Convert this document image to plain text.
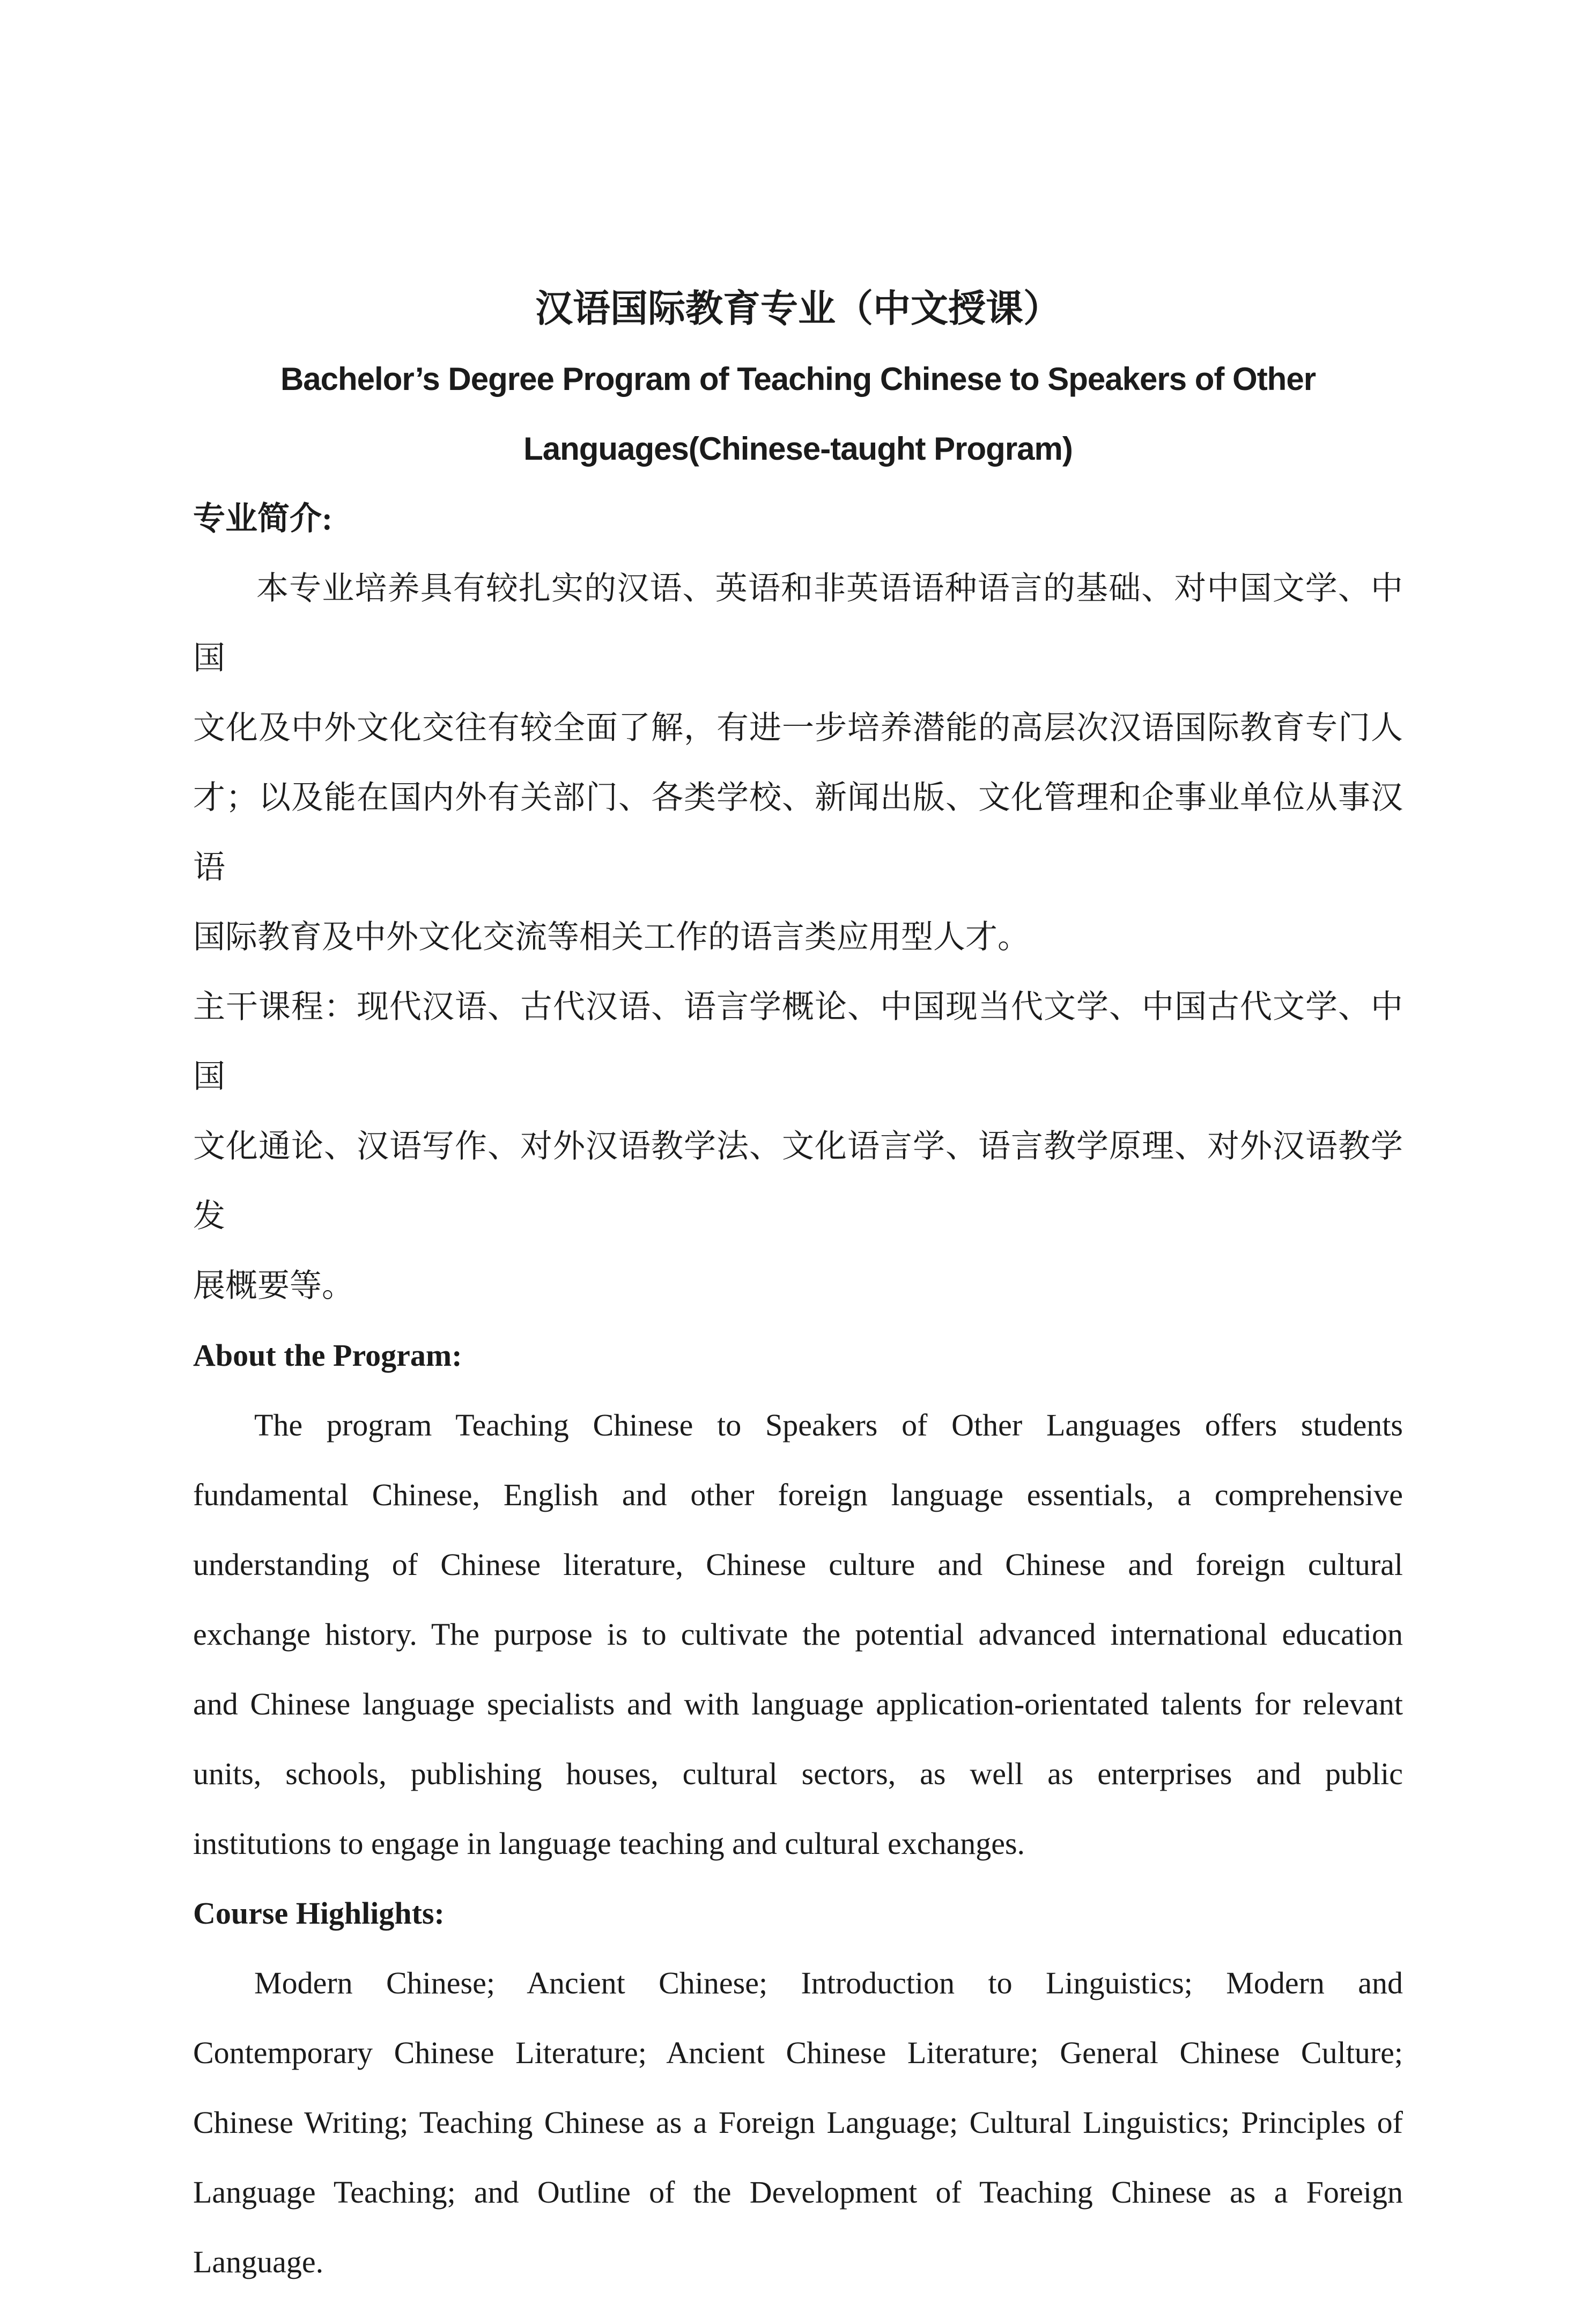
汉语国际教育专业（中文授课）
Bachelor’s Degree Program of Teaching Chinese to Speakers of Other
Languages(Chinese-taught Program)
专业简介:
本专业培养具有较扎实的汉语、英语和非英语语种语言的基础、对中国文学、中国
文化及中外文化交往有较全面了解，有进一步培养潜能的高层次汉语国际教育专门人
才；以及能在国内外有关部门、各类学校、新闻出版、文化管理和企事业单位从事汉语
国际教育及中外文化交流等相关工作的语言类应用型人才。
主干课程：现代汉语、古代汉语、语言学概论、中国现当代文学、中国古代文学、中国
文化通论、汉语写作、对外汉语教学法、文化语言学、语言教学原理、对外汉语教学发
展概要等。
About the Program:
The program Teaching Chinese to Speakers of Other Languages offers students
fundamental Chinese, English and other foreign language essentials, a comprehensive
understanding of Chinese literature, Chinese culture and Chinese and foreign cultural
exchange history. The purpose is to cultivate the potential advanced international education
and Chinese language specialists and with language application-orientated talents for relevant
units, schools, publishing houses, cultural sectors, as well as enterprises and public
institutions to engage in language teaching and cultural exchanges.
Course Highlights:
Modern Chinese; Ancient Chinese; Introduction to Linguistics; Modern and
Contemporary Chinese Literature; Ancient Chinese Literature; General Chinese Culture;
Chinese Writing; Teaching Chinese as a Foreign Language; Cultural Linguistics; Principles of
Language Teaching; and Outline of the Development of Teaching Chinese as a Foreign
Language.
